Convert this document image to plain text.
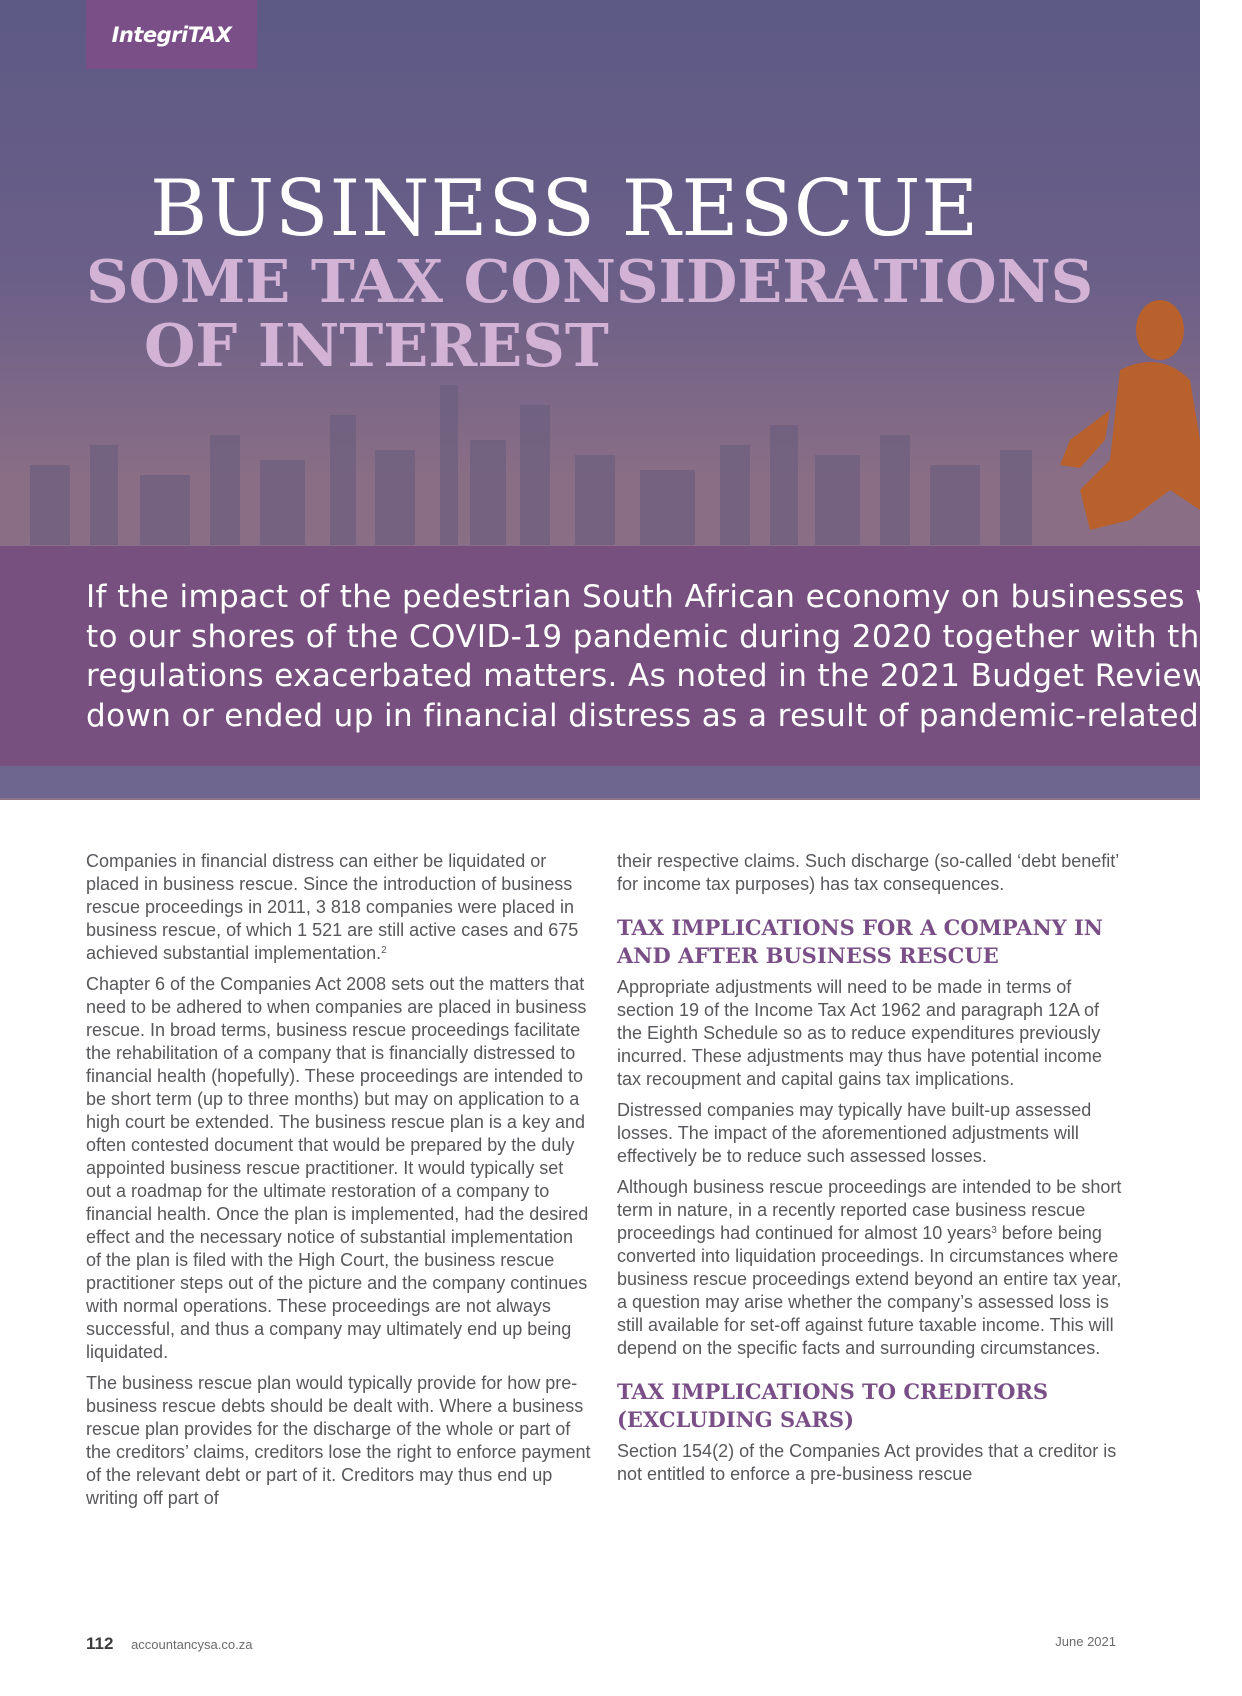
IntegriTAX
BUSINESS RESCUE
SOME TAX CONSIDERATIONS
OF INTEREST

If the impact of the pedestrian South African economy on businesses w
to our shores of the COVID-19 pandemic during 2020 together with the
regulations exacerbated matters. As noted in the 2021 Budget Review$^1$ r
down or ended up in financial distress as a result of pandemic-related re

Companies in financial distress can either be liquidated or placed in business rescue. Since the introduction of business rescue proceedings in 2011, 3 818 companies were placed in business rescue, of which 1 521 are still active cases and 675 achieved substantial implementation.$^2$

Chapter 6 of the Companies Act 2008 sets out the matters that need to be adhered to when companies are placed in business rescue. In broad terms, business rescue proceedings facilitate the rehabilitation of a company that is financially distressed to financial health (hopefully). These proceedings are intended to be short term (up to three months) but may on application to a high court be extended. The business rescue plan is a key and often contested document that would be prepared by the duly appointed business rescue practitioner. It would typically set out a roadmap for the ultimate restoration of a company to financial health. Once the plan is implemented, had the desired effect and the necessary notice of substantial implementation of the plan is filed with the High Court, the business rescue practitioner steps out of the picture and the company continues with normal operations. These proceedings are not always successful, and thus a company may ultimately end up being liquidated.

The business rescue plan would typically provide for how pre-business rescue debts should be dealt with. Where a business rescue plan provides for the discharge of the whole or part of the creditors’ claims, creditors lose the right to enforce payment of the relevant debt or part of it. Creditors may thus end up writing off part of

their respective claims. Such discharge (so-called ‘debt benefit’ for income tax purposes) has tax consequences.

TAX IMPLICATIONS FOR A COMPANY IN AND AFTER BUSINESS RESCUE

Appropriate adjustments will need to be made in terms of section 19 of the Income Tax Act 1962 and paragraph 12A of the Eighth Schedule so as to reduce expenditures previously incurred. These adjustments may thus have potential income tax recoupment and capital gains tax implications.

Distressed companies may typically have built-up assessed losses. The impact of the aforementioned adjustments will effectively be to reduce such assessed losses.

Although business rescue proceedings are intended to be short term in nature, in a recently reported case business rescue proceedings had continued for almost 10 years$^3$ before being converted into liquidation proceedings. In circumstances where business rescue proceedings extend beyond an entire tax year, a question may arise whether the company’s assessed loss is still available for set-off against future taxable income. This will depend on the specific facts and surrounding circumstances.

TAX IMPLICATIONS TO CREDITORS (EXCLUDING SARS)

Section 154(2) of the Companies Act provides that a creditor is not entitled to enforce a pre-business rescue

112 accountancysa.co.za	June 2021
